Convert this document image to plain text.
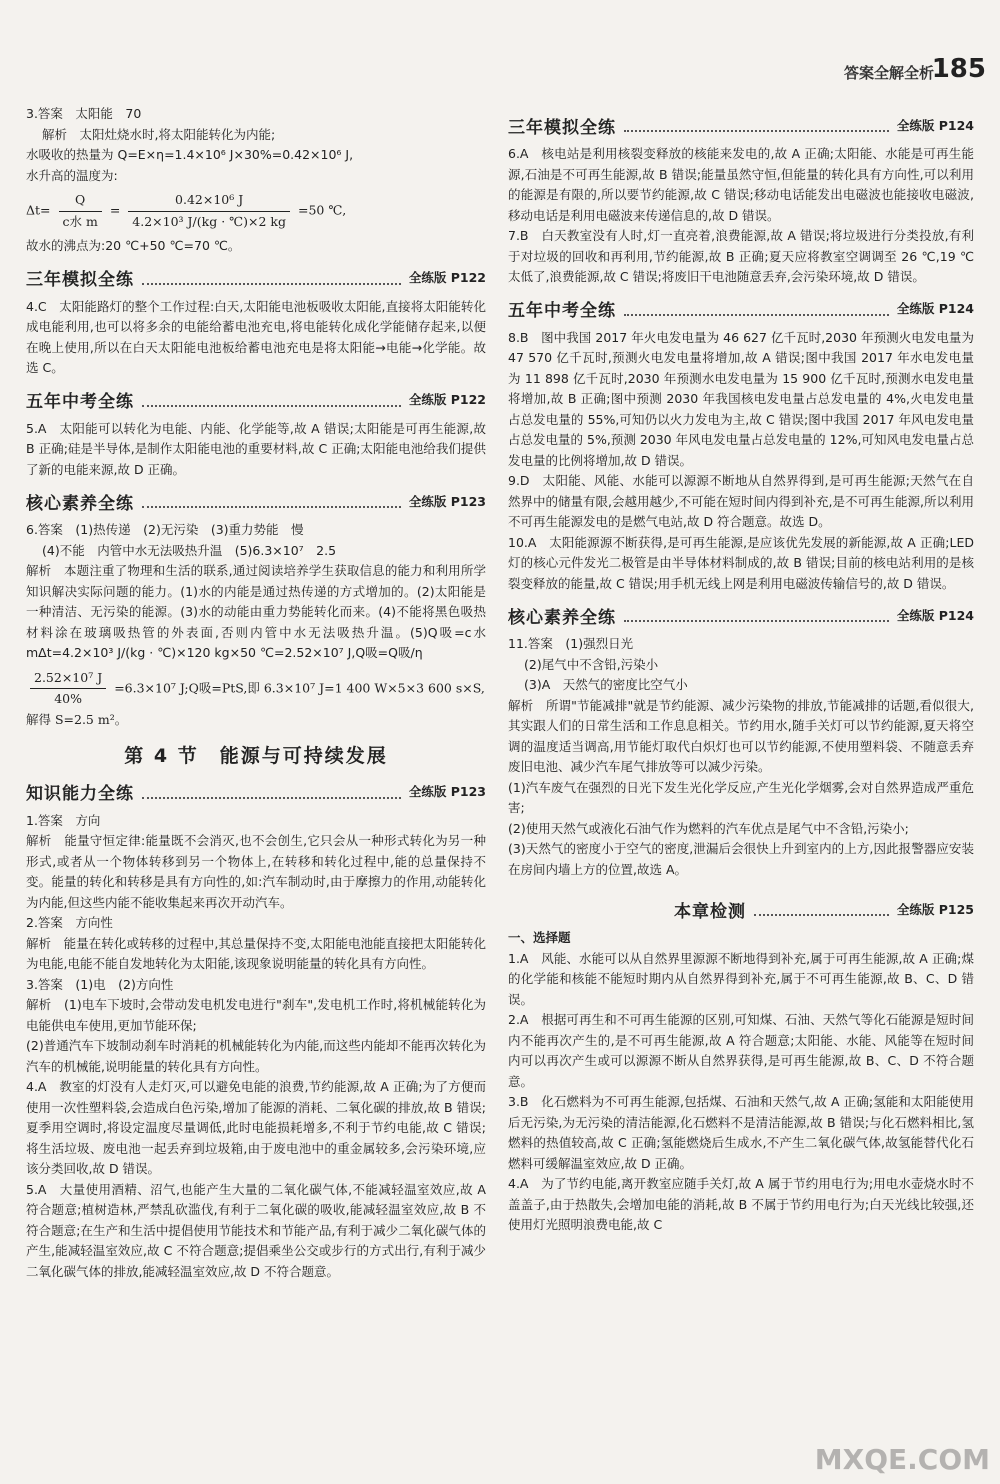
答案全解全析
185

3.答案　太阳能　70

解析　太阳灶烧水时,将太阳能转化为内能;

水吸收的热量为 Q=E×η=1.4×10⁶ J×30%=0.42×10⁶ J,

水升高的温度为:

$\Delta t= \frac{Q}{\text{c水 m}} = \frac{\text{0.42×10⁶ J}}{\text{4.2×10³ J/(kg · ℃)×2 kg}} =50$ ℃,

故水的沸点为:20 ℃+50 ℃=70 ℃。

三年模拟全练	全练版 P122

4.C　太阳能路灯的整个工作过程:白天,太阳能电池板吸收太阳能,直接将太阳能转化成电能利用,也可以将多余的电能给蓄电池充电,将电能转化成化学能储存起来,以便在晚上使用,所以在白天太阳能电池板给蓄电池充电是将太阳能→电能→化学能。故选 C。

五年中考全练	全练版 P122

5.A　太阳能可以转化为电能、内能、化学能等,故 A 错误;太阳能是可再生能源,故 B 正确;硅是半导体,是制作太阳能电池的重要材料,故 C 正确;太阳能电池给我们提供了新的电能来源,故 D 正确。

核心素养全练	全练版 P123

6.答案　(1)热传递　(2)无污染　(3)重力势能　慢

(4)不能　内管中水无法吸热升温　(5)6.3×10⁷　2.5

解析　本题注重了物理和生活的联系,通过阅读培养学生获取信息的能力和利用所学知识解决实际问题的能力。(1)水的内能是通过热传递的方式增加的。(2)太阳能是一种清洁、无污染的能源。(3)水的动能由重力势能转化而来。(4)不能将黑色吸热材料涂在玻璃吸热管的外表面,否则内管中水无法吸热升温。(5)Q吸=c水 mΔt=4.2×10³ J/(kg · ℃)×120 kg×50 ℃=2.52×10⁷ J,Q吸=Q吸/η

$\frac{\text{2.52×10⁷ J}}{40\%} =6.3\times 10^7$ J;Q吸=PtS,即 6.3×10⁷ J=1 400 W×5×3 600 s×S,解得 S=2.5 m²。
第 4 节　能源与可持续发展
知识能力全练	全练版 P123

1.答案　方向

解析　能量守恒定律:能量既不会消灭,也不会创生,它只会从一种形式转化为另一种形式,或者从一个物体转移到另一个物体上,在转移和转化过程中,能的总量保持不变。能量的转化和转移是具有方向性的,如:汽车制动时,由于摩擦力的作用,动能转化为内能,但这些内能不能收集起来再次开动汽车。

2.答案　方向性

解析　能量在转化或转移的过程中,其总量保持不变,太阳能电池能直接把太阳能转化为电能,电能不能自发地转化为太阳能,该现象说明能量的转化具有方向性。

3.答案　(1)电　(2)方向性

解析　(1)电车下坡时,会带动发电机发电进行"刹车",发电机工作时,将机械能转化为电能供电车使用,更加节能环保;

(2)普通汽车下坡制动刹车时消耗的机械能转化为内能,而这些内能却不能再次转化为汽车的机械能,说明能量的转化具有方向性。

4.A　教室的灯没有人走灯灭,可以避免电能的浪费,节约能源,故 A 正确;为了方便而使用一次性塑料袋,会造成白色污染,增加了能源的消耗、二氧化碳的排放,故 B 错误;夏季用空调时,将设定温度尽量调低,此时电能损耗增多,不利于节约电能,故 C 错误;将生活垃圾、废电池一起丢弃到垃圾箱,由于废电池中的重金属较多,会污染环境,应该分类回收,故 D 错误。

5.A　大量使用酒精、沼气,也能产生大量的二氧化碳气体,不能减轻温室效应,故 A 符合题意;植树造林,严禁乱砍滥伐,有利于二氧化碳的吸收,能减轻温室效应,故 B 不符合题意;在生产和生活中提倡使用节能技术和节能产品,有利于减少二氧化碳气体的产生,能减轻温室效应,故 C 不符合题意;提倡乘坐公交或步行的方式出行,有利于减少二氧化碳气体的排放,能减轻温室效应,故 D 不符合题意。

三年模拟全练	全练版 P124

6.A　核电站是利用核裂变释放的核能来发电的,故 A 正确;太阳能、水能是可再生能源,石油是不可再生能源,故 B 错误;能量虽然守恒,但能量的转化具有方向性,可以利用的能源是有限的,所以要节约能源,故 C 错误;移动电话能发出电磁波也能接收电磁波,移动电话是利用电磁波来传递信息的,故 D 错误。

7.B　白天教室没有人时,灯一直亮着,浪费能源,故 A 错误;将垃圾进行分类投放,有利于对垃圾的回收和再利用,节约能源,故 B 正确;夏天应将教室空调调至 26 ℃,19 ℃太低了,浪费能源,故 C 错误;将废旧干电池随意丢弃,会污染环境,故 D 错误。

五年中考全练	全练版 P124

8.B　图中我国 2017 年火电发电量为 46 627 亿千瓦时,2030 年预测火电发电量为 47 570 亿千瓦时,预测火电发电量将增加,故 A 错误;图中我国 2017 年水电发电量为 11 898 亿千瓦时,2030 年预测水电发电量为 15 900 亿千瓦时,预测水电发电量将增加,故 B 正确;图中预测 2030 年我国核电发电量占总发电量的 4%,火电发电量占总发电量的 55%,可知仍以火力发电为主,故 C 错误;图中我国 2017 年风电发电量占总发电量的 5%,预测 2030 年风电发电量占总发电量的 12%,可知风电发电量占总发电量的比例将增加,故 D 错误。

9.D　太阳能、风能、水能可以源源不断地从自然界得到,是可再生能源;天然气在自然界中的储量有限,会越用越少,不可能在短时间内得到补充,是不可再生能源,所以利用不可再生能源发电的是燃气电站,故 D 符合题意。故选 D。

10.A　太阳能源源不断获得,是可再生能源,是应该优先发展的新能源,故 A 正确;LED 灯的核心元件发光二极管是由半导体材料制成的,故 B 错误;目前的核电站利用的是核裂变释放的能量,故 C 错误;用手机无线上网是利用电磁波传输信号的,故 D 错误。

核心素养全练	全练版 P124

11.答案　(1)强烈日光

(2)尾气中不含铅,污染小

(3)A　天然气的密度比空气小

解析　所谓"节能减排"就是节约能源、减少污染物的排放,节能减排的话题,看似很大,其实跟人们的日常生活和工作息息相关。节约用水,随手关灯可以节约能源,夏天将空调的温度适当调高,用节能灯取代白炽灯也可以节约能源,不使用塑料袋、不随意丢弃废旧电池、减少汽车尾气排放等可以减少污染。

(1)汽车废气在强烈的日光下发生光化学反应,产生光化学烟雾,会对自然界造成严重危害;

(2)使用天然气或液化石油气作为燃料的汽车优点是尾气中不含铅,污染小;

(3)天然气的密度小于空气的密度,泄漏后会很快上升到室内的上方,因此报警器应安装在房间内墙上方的位置,故选 A。

本章检测	全练版 P125

一、选择题

1.A　风能、水能可以从自然界里源源不断地得到补充,属于可再生能源,故 A 正确;煤的化学能和核能不能短时期内从自然界得到补充,属于不可再生能源,故 B、C、D 错误。

2.A　根据可再生和不可再生能源的区别,可知煤、石油、天然气等化石能源是短时间内不能再次产生的,是不可再生能源,故 A 符合题意;太阳能、水能、风能等在短时间内可以再次产生或可以源源不断从自然界获得,是可再生能源,故 B、C、D 不符合题意。

3.B　化石燃料为不可再生能源,包括煤、石油和天然气,故 A 正确;氢能和太阳能使用后无污染,为无污染的清洁能源,化石燃料不是清洁能源,故 B 错误;与化石燃料相比,氢燃料的热值较高,故 C 正确;氢能燃烧后生成水,不产生二氧化碳气体,故氢能替代化石燃料可缓解温室效应,故 D 正确。

4.A　为了节约电能,离开教室应随手关灯,故 A 属于节约用电行为;用电水壶烧水时不盖盖子,由于热散失,会增加电能的消耗,故 B 不属于节约用电行为;白天光线比较强,还使用灯光照明浪费电能,故 C

MXQE.COM
